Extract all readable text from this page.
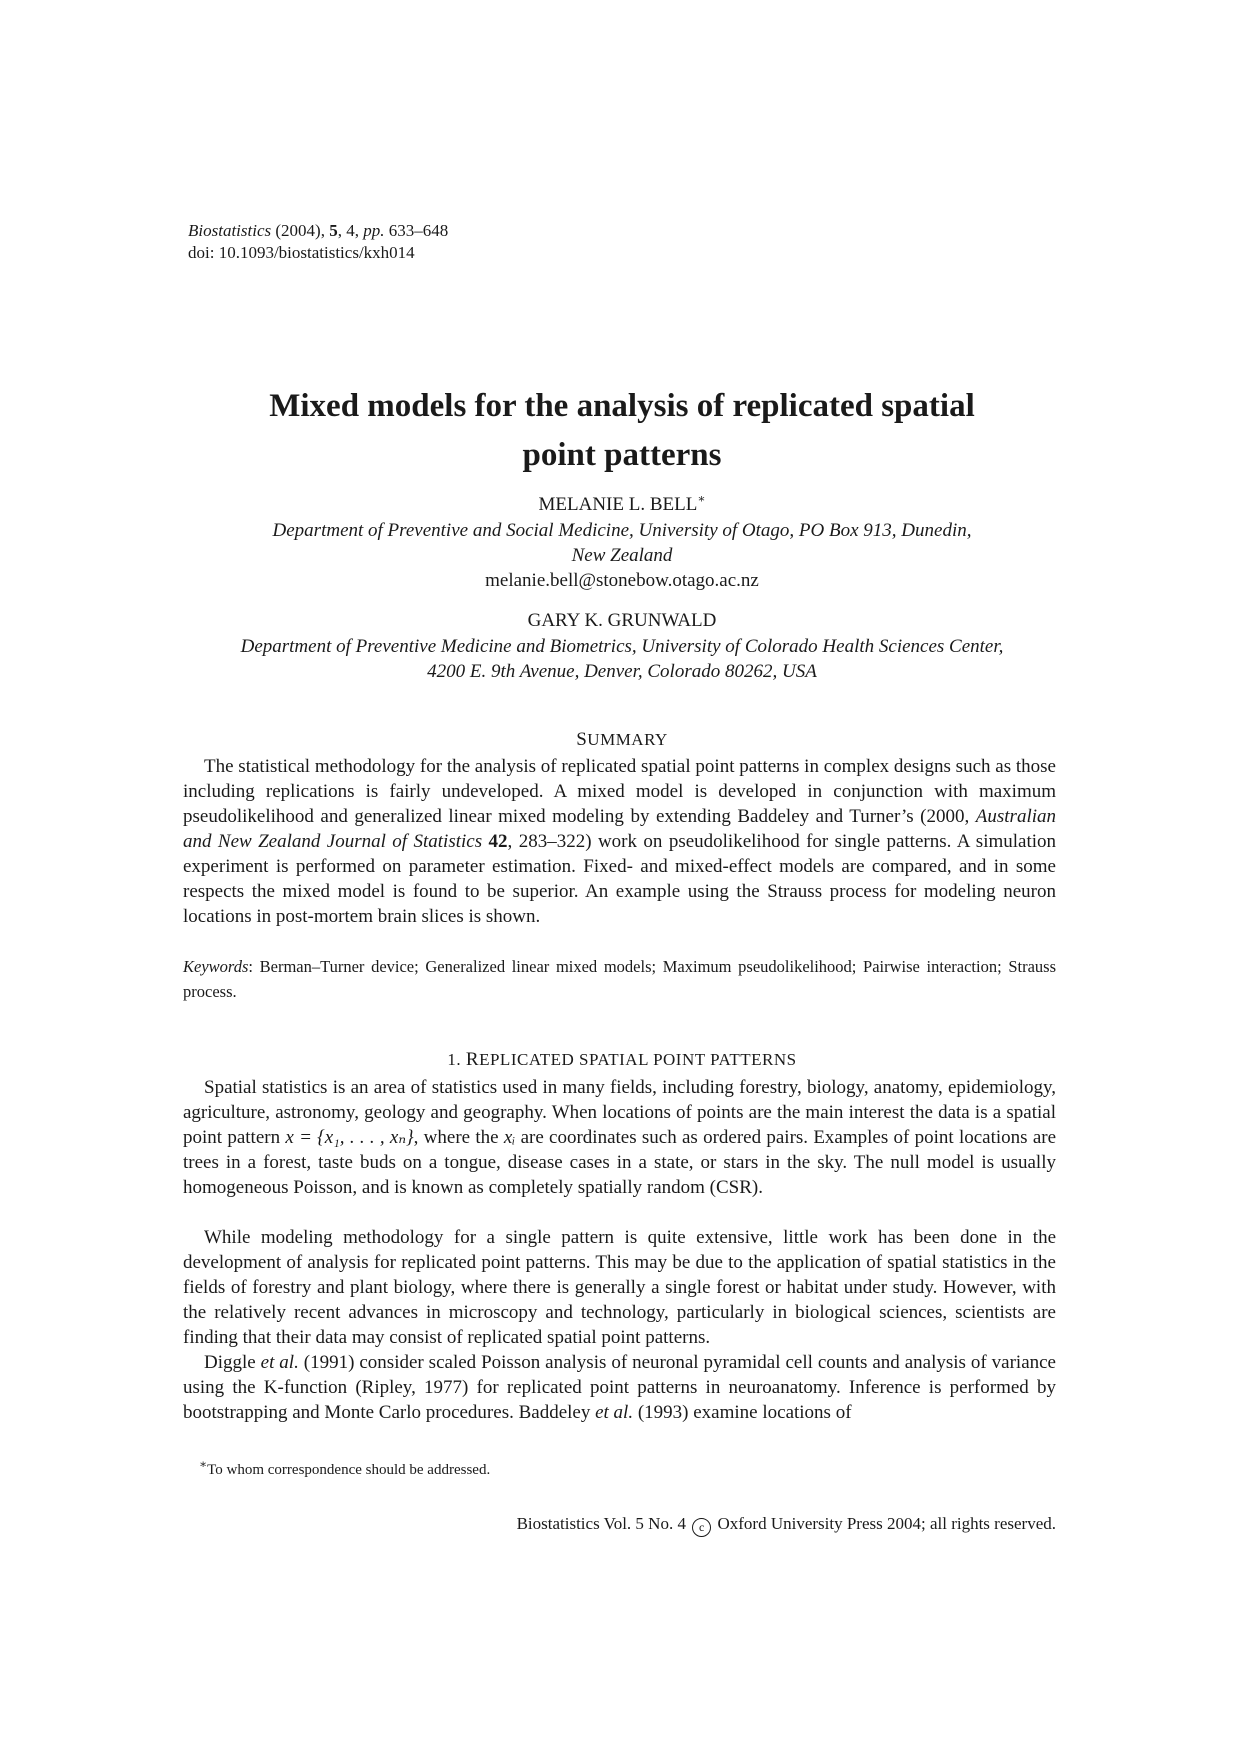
Biostatistics (2004), 5, 4, pp. 633–648
doi: 10.1093/biostatistics/kxh014
Mixed models for the analysis of replicated spatial
point patterns
MELANIE L. BELL∗
Department of Preventive and Social Medicine, University of Otago, PO Box 913, Dunedin,
New Zealand
melanie.bell@stonebow.otago.ac.nz
GARY K. GRUNWALD
Department of Preventive Medicine and Biometrics, University of Colorado Health Sciences Center,
4200 E. 9th Avenue, Denver, Colorado 80262, USA
SUMMARY
The statistical methodology for the analysis of replicated spatial point patterns in complex designs such as those including replications is fairly undeveloped. A mixed model is developed in conjunction with maximum pseudolikelihood and generalized linear mixed modeling by extending Baddeley and Turner’s (2000, Australian and New Zealand Journal of Statistics 42, 283–322) work on pseudolikelihood for single patterns. A simulation experiment is performed on parameter estimation. Fixed- and mixed-effect models are compared, and in some respects the mixed model is found to be superior. An example using the Strauss process for modeling neuron locations in post-mortem brain slices is shown.
Keywords: Berman–Turner device; Generalized linear mixed models; Maximum pseudolikelihood; Pairwise interaction; Strauss process.
1. REPLICATED SPATIAL POINT PATTERNS
Spatial statistics is an area of statistics used in many fields, including forestry, biology, anatomy, epidemiology, agriculture, astronomy, geology and geography. When locations of points are the main interest the data is a spatial point pattern x = {x₁, . . . , xₙ}, where the xᵢ are coordinates such as ordered pairs. Examples of point locations are trees in a forest, taste buds on a tongue, disease cases in a state, or stars in the sky. The null model is usually homogeneous Poisson, and is known as completely spatially random (CSR).
While modeling methodology for a single pattern is quite extensive, little work has been done in the development of analysis for replicated point patterns. This may be due to the application of spatial statistics in the fields of forestry and plant biology, where there is generally a single forest or habitat under study. However, with the relatively recent advances in microscopy and technology, particularly in biological sciences, scientists are finding that their data may consist of replicated spatial point patterns.
Diggle et al. (1991) consider scaled Poisson analysis of neuronal pyramidal cell counts and analysis of variance using the K-function (Ripley, 1977) for replicated point patterns in neuroanatomy. Inference is performed by bootstrapping and Monte Carlo procedures. Baddeley et al. (1993) examine locations of
∗To whom correspondence should be addressed.
Biostatistics Vol. 5 No. 4 c Oxford University Press 2004; all rights reserved.
